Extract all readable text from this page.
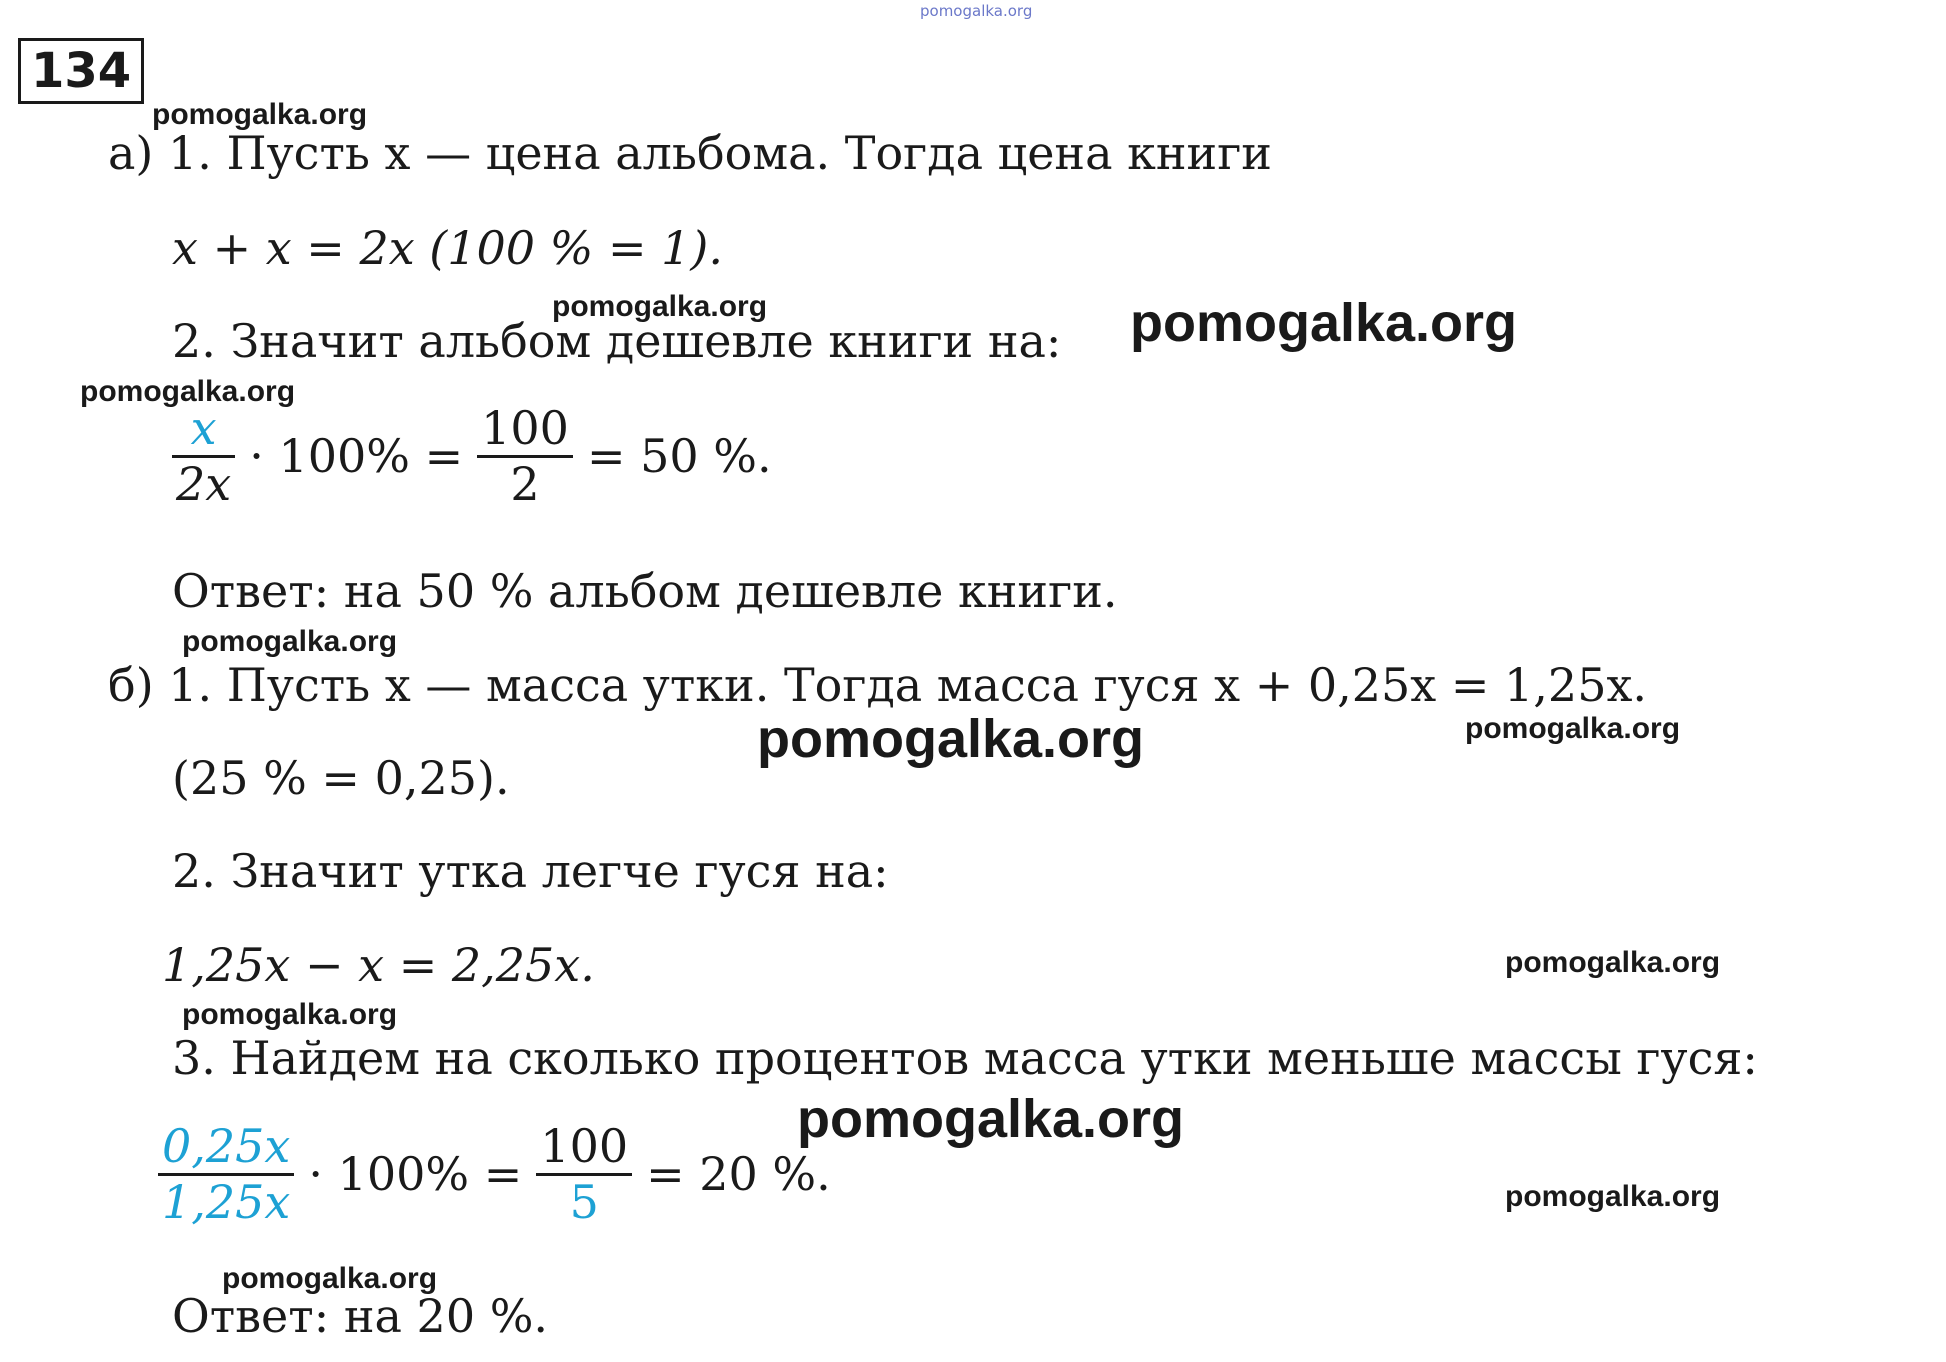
pomogalka.org
134
pomogalka.org
pomogalka.org	pomogalka.org
pomogalka.org
pomogalka.org
pomogalka.org	pomogalka.org
pomogalka.org
pomogalka.org
pomogalka.org
pomogalka.org
pomogalka.org
а) 1. Пусть x — цена альбома. Тогда цена книги
x + x = 2x (100 % = 1).
2. Значит альбом дешевле книги на:
$\frac{x}{2x} \cdot 100\% = \frac{100}{2} = 50$ %.
Ответ: на 50 % альбом дешевле книги.
б) 1. Пусть x — масса утки. Тогда масса гуся x + 0,25x = 1,25x.
(25 % = 0,25).
2. Значит утка легче гуся на:
1,25x − x = 2,25x.
3. Найдем на сколько процентов масса утки меньше массы гуся:
$\frac{0,25x}{1,25x} \cdot 100\% = \frac{100}{5} = 20$ %.
Ответ: на 20 %.
